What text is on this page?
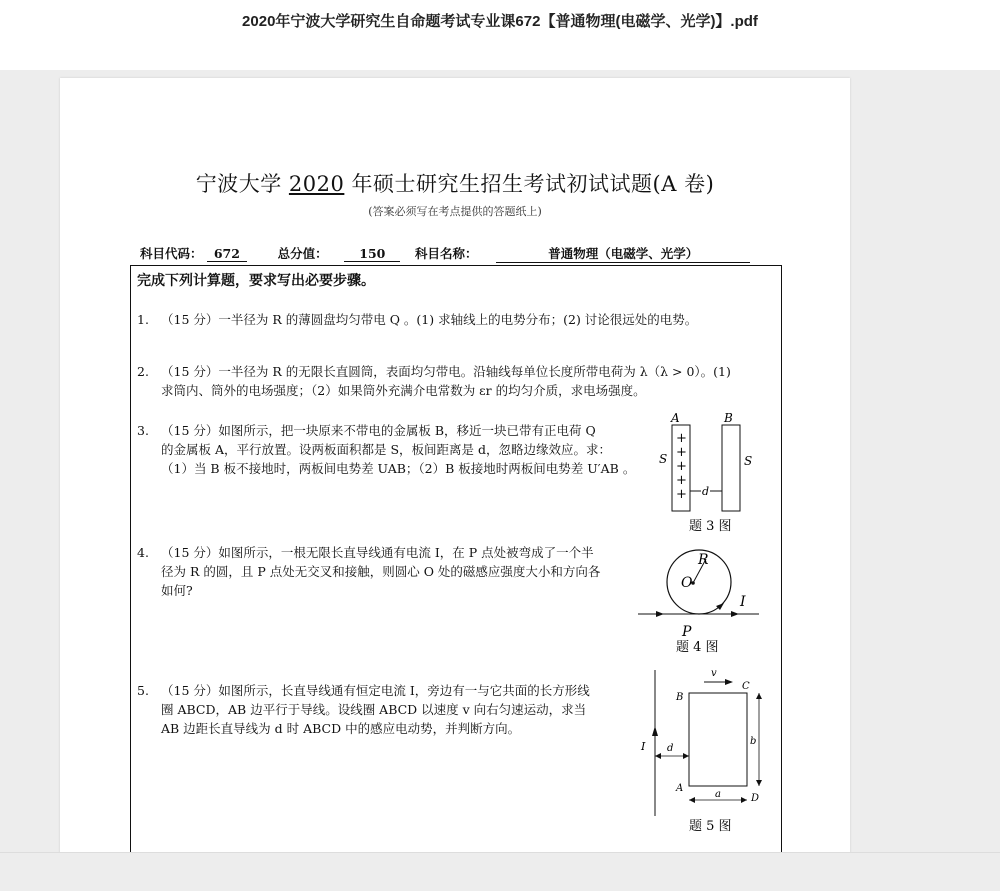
2020年宁波大学研究生自命题考试专业课672【普通物理(电磁学、光学)】.pdf
宁波大学 2020 年硕士研究生招生考试初试试题(A 卷)
(答案必须写在考点提供的答题纸上)
科目代码： 672	总分值：	150 科目名称：	普通物理（电磁学、光学）
完成下列计算题，要求写出必要步骤。
1. （15 分）一半径为 R 的薄圆盘均匀带电 Q 。(1) 求轴线上的电势分布；(2) 讨论很远处的电势。
2. （15 分）一半径为 R 的无限长直圆筒，表面均匀带电。沿轴线每单位长度所带电荷为 λ（λ > 0）。(1)
求筒内、筒外的电场强度；（2）如果筒外充满介电常数为 εr 的均匀介质，求电场强度。
3. （15 分）如图所示，把一块原来不带电的金属板 B，移近一块已带有正电荷 Q
的金属板 A，平行放置。设两板面积都是 S，板间距离是 d，忽略边缘效应。求：
（1）当 B 板不接地时，两板间电势差 UAB；（2）B 板接地时两板间电势差 U′AB 。
4. （15 分）如图所示，一根无限长直导线通有电流 I，在 P 点处被弯成了一个半
径为 R 的圆，且 P 点处无交叉和接触，则圆心 O 处的磁感应强度大小和方向各
如何?
5. （15 分）如图所示，长直导线通有恒定电流 I，旁边有一与它共面的长方形线
圈 ABCD，AB 边平行于导线。设线圈 ABCD 以速度 v 向右匀速运动，求当
AB 边距长直导线为 d 时 ABCD 中的感应电动势，并判断方向。
A	B
+
+
+
+
+
S	S
d
题 3 图
R
O
I
P
题 4 图
I
B
C
A
D
v
d
b
a
题 5 图
